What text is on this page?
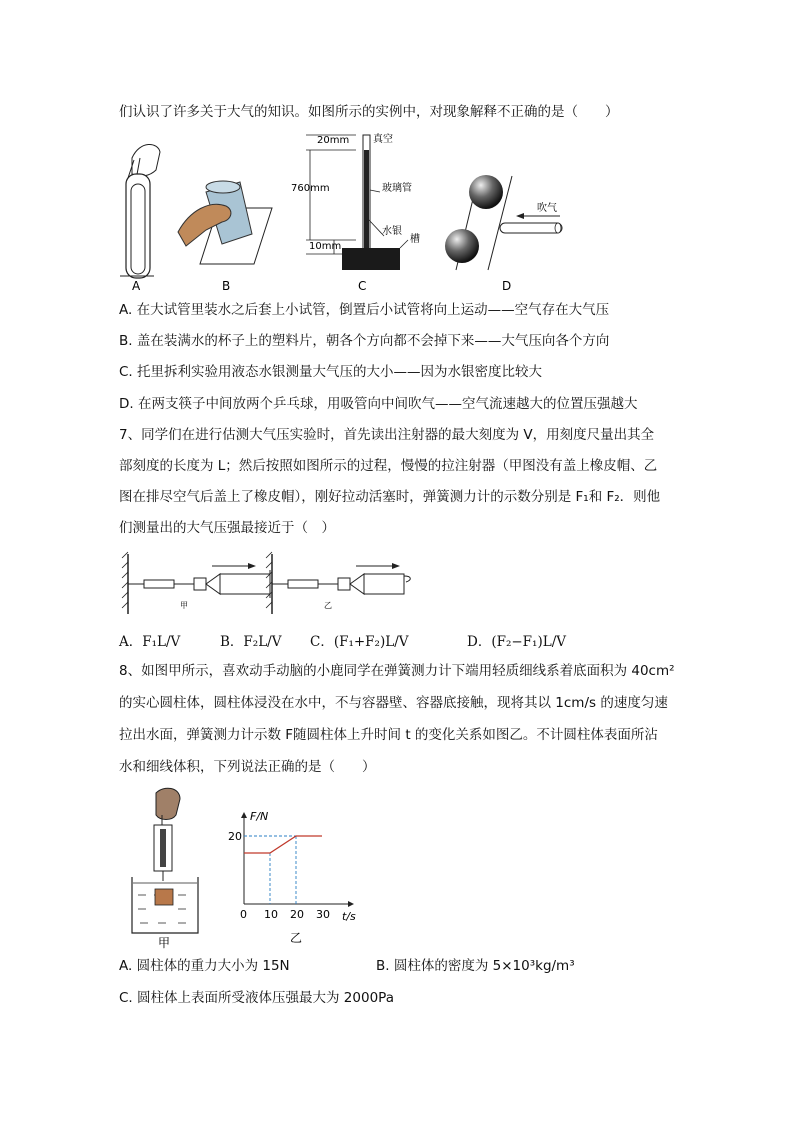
们认识了许多关于大气的知识。如图所示的实例中，对现象解释不正确的是（　　）
20mm 真空
760mm	玻璃管
水银
槽
10mm
吹气
A	B	C	D
A. 在大试管里装水之后套上小试管，倒置后小试管将向上运动——空气存在大气压
B. 盖在装满水的杯子上的塑料片，朝各个方向都不会掉下来——大气压向各个方向
C. 托里拆利实验用液态水银测量大气压的大小——因为水银密度比较大
D. 在两支筷子中间放两个乒乓球，用吸管向中间吹气——空气流速越大的位置压强越大
7、同学们在进行估测大气压实验时，首先读出注射器的最大刻度为 V，用刻度尺量出其全
部刻度的长度为 L；然后按照如图所示的过程，慢慢的拉注射器（甲图没有盖上橡皮帽、乙
图在排尽空气后盖上了橡皮帽），刚好拉动活塞时，弹簧测力计的示数分别是 F₁和 F₂．则他
们测量出的大气压强最接近于（　）
甲	乙
A．F₁L/V	B．F₂L/V C．(F₁+F₂)L/V	D．(F₂−F₁)L/V
8、如图甲所示，喜欢动手动脑的小鹿同学在弹簧测力计下端用轻质细线系着底面积为 40cm²
的实心圆柱体，圆柱体浸没在水中，不与容器壁、容器底接触，现将其以 1cm/s 的速度匀速
拉出水面，弹簧测力计示数 F随圆柱体上升时间 t 的变化关系如图乙。不计圆柱体表面所沾
水和细线体积，下列说法正确的是（　　）
甲
F/N
t/s
0 10 20 30
20
乙
A. 圆柱体的重力大小为 15N	B. 圆柱体的密度为 5×10³kg/m³
C. 圆柱体上表面所受液体压强最大为 2000Pa
